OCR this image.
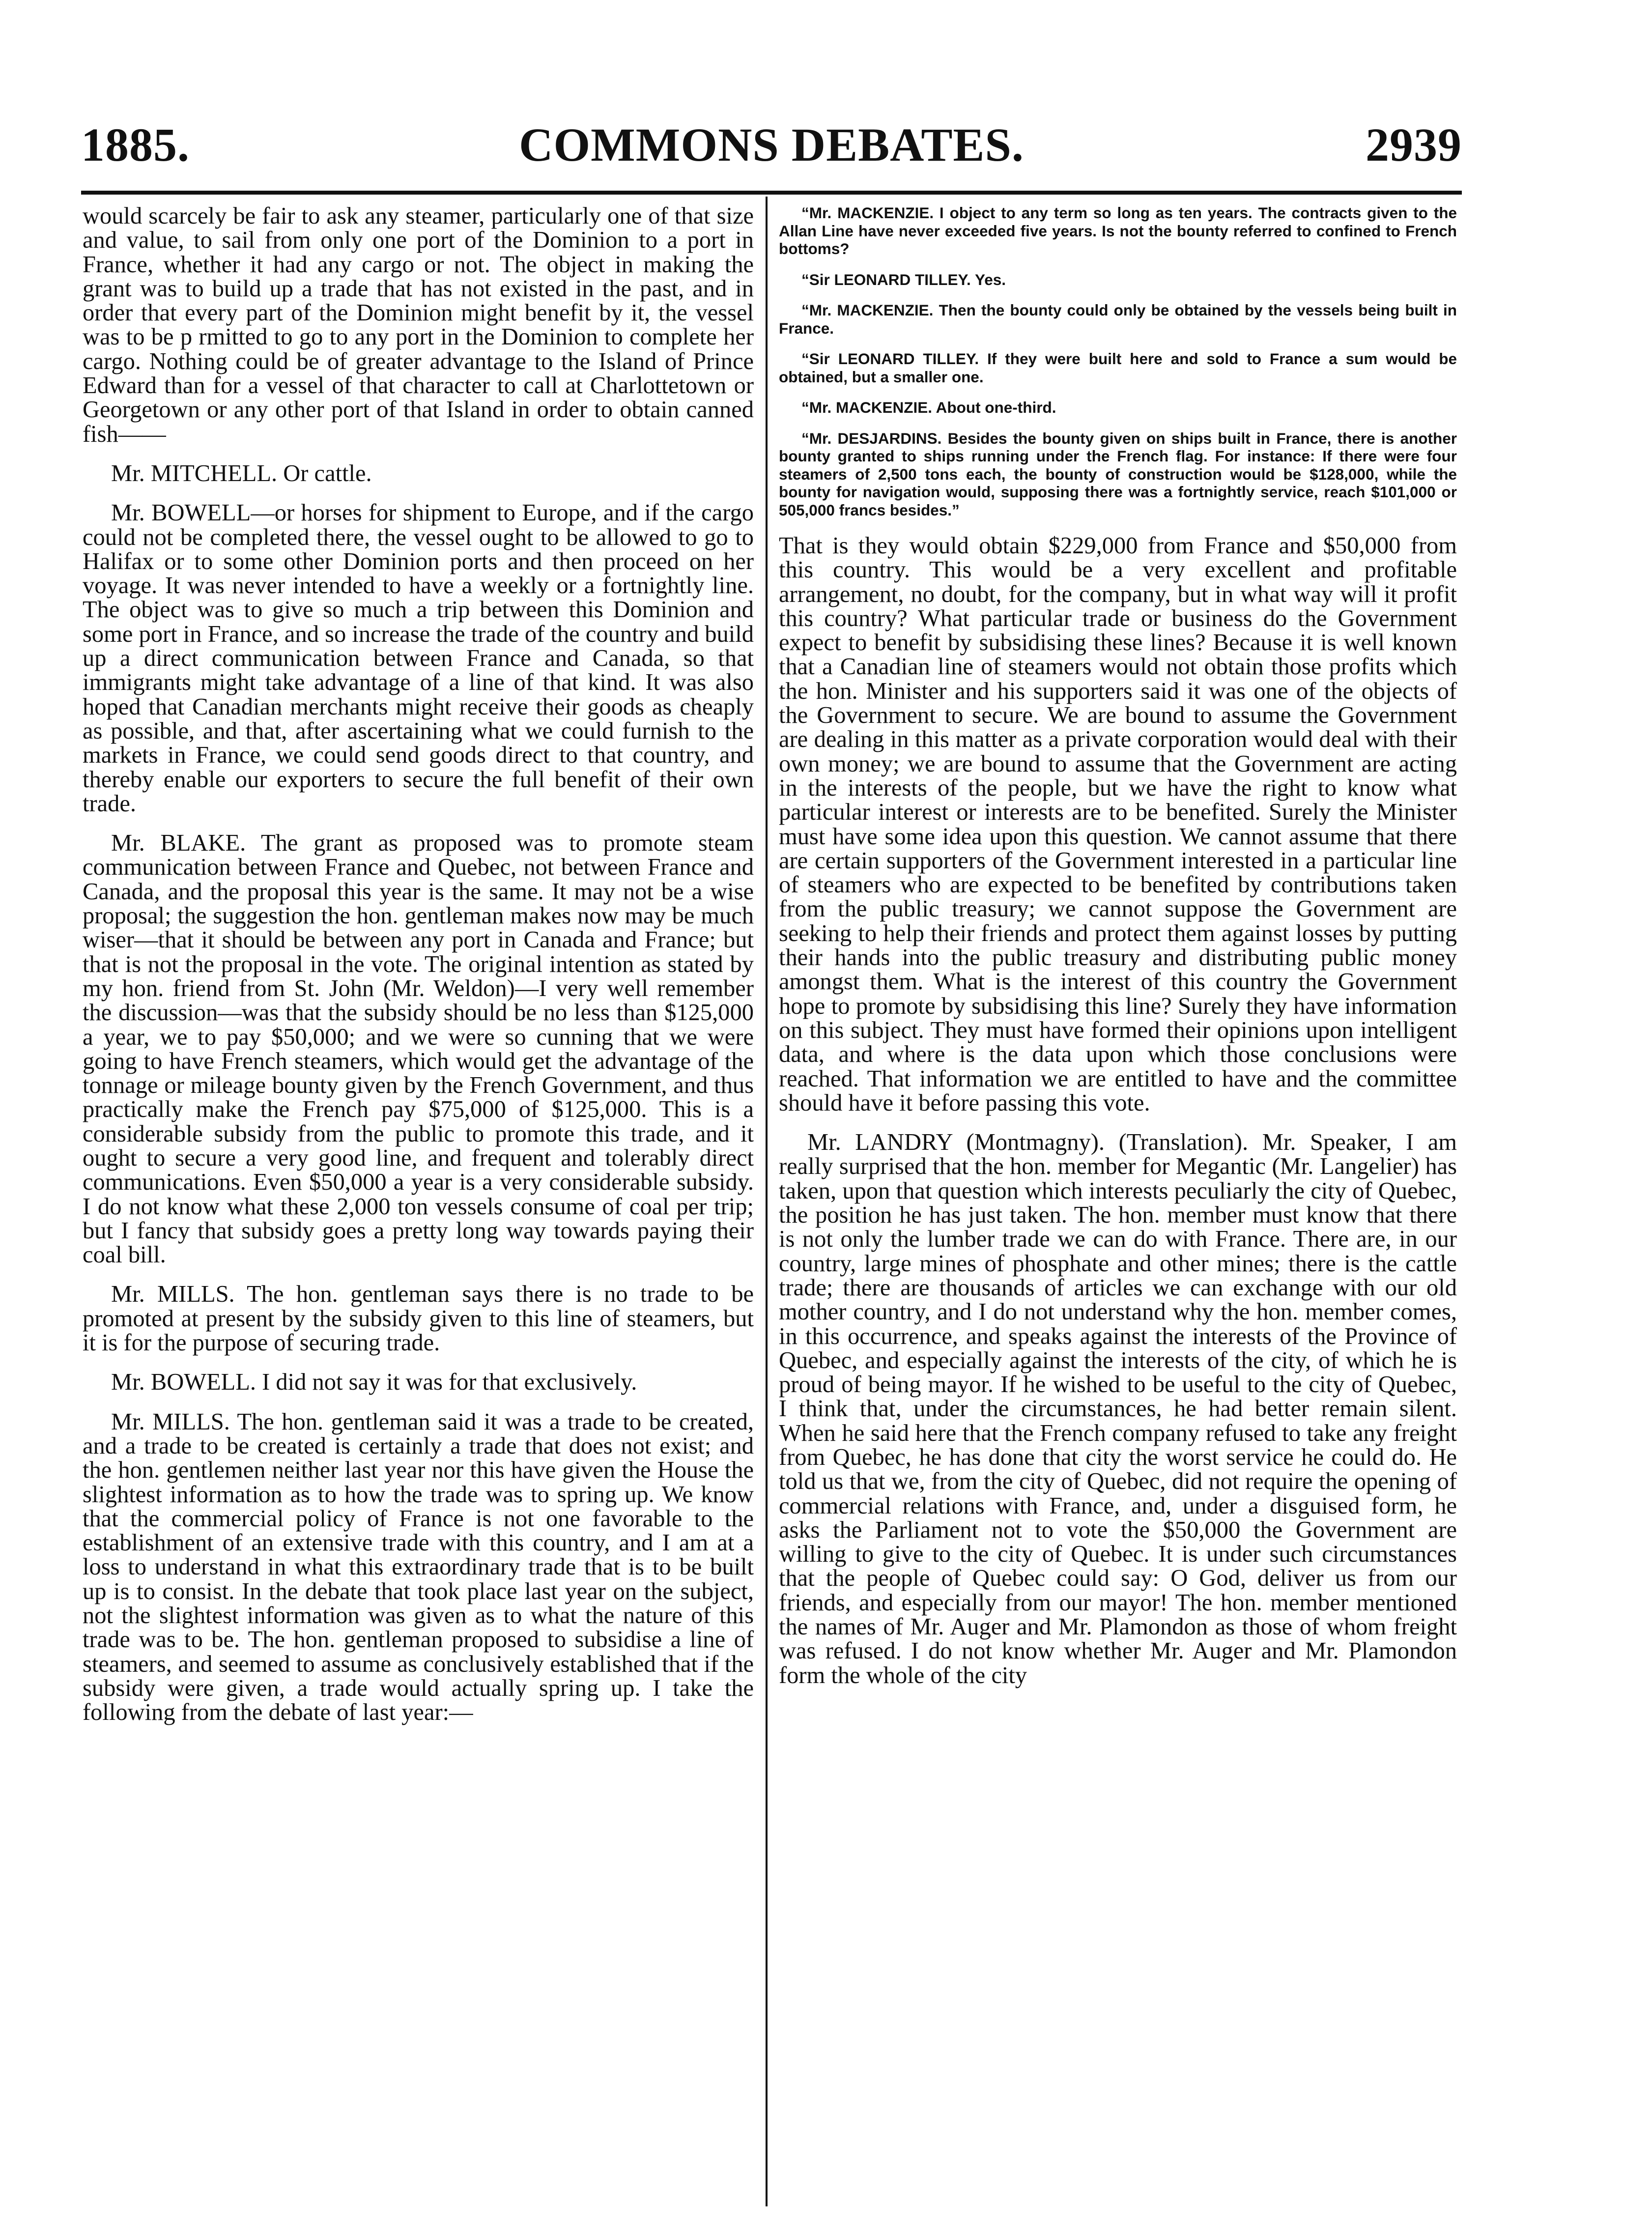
1885.	COMMONS DEBATES.	2939

would scarcely be fair to ask any steamer, particularly one of that size and value, to sail from only one port of the Dominion to a port in France, whether it had any cargo or not. The object in making the grant was to build up a trade that has not existed in the past, and in order that every part of the Dominion might benefit by it, the vessel was to be p rmitted to go to any port in the Dominion to complete her cargo. Nothing could be of greater advantage to the Island of Prince Edward than for a vessel of that character to call at Charlottetown or Georgetown or any other port of that Island in order to obtain canned fish——

Mr. MITCHELL. Or cattle.

Mr. BOWELL—or horses for shipment to Europe, and if the cargo could not be completed there, the vessel ought to be allowed to go to Halifax or to some other Dominion ports and then proceed on her voyage. It was never intended to have a weekly or a fortnightly line. The object was to give so much a trip between this Dominion and some port in France, and so increase the trade of the country and build up a direct communication between France and Canada, so that immigrants might take advantage of a line of that kind. It was also hoped that Canadian merchants might receive their goods as cheaply as possible, and that, after ascertaining what we could furnish to the markets in France, we could send goods direct to that country, and thereby enable our exporters to secure the full benefit of their own trade.

Mr. BLAKE. The grant as proposed was to promote steam communication between France and Quebec, not between France and Canada, and the proposal this year is the same. It may not be a wise proposal; the suggestion the hon. gentleman makes now may be much wiser—that it should be between any port in Canada and France; but that is not the proposal in the vote. The original intention as stated by my hon. friend from St. John (Mr. Weldon)—I very well remember the discussion—was that the subsidy should be no less than $125,000 a year, we to pay $50,000; and we were so cunning that we were going to have French steamers, which would get the advantage of the tonnage or mileage bounty given by the French Government, and thus practically make the French pay $75,000 of $125,000. This is a considerable subsidy from the public to promote this trade, and it ought to secure a very good line, and frequent and tolerably direct communications. Even $50,000 a year is a very considerable subsidy. I do not know what these 2,000 ton vessels consume of coal per trip; but I fancy that subsidy goes a pretty long way towards paying their coal bill.

Mr. MILLS. The hon. gentleman says there is no trade to be promoted at present by the subsidy given to this line of steamers, but it is for the purpose of securing trade.

Mr. BOWELL. I did not say it was for that exclusively.

Mr. MILLS. The hon. gentleman said it was a trade to be created, and a trade to be created is certainly a trade that does not exist; and the hon. gentlemen neither last year nor this have given the House the slightest information as to how the trade was to spring up. We know that the commercial policy of France is not one favorable to the establishment of an extensive trade with this country, and I am at a loss to understand in what this extraordinary trade that is to be built up is to consist. In the debate that took place last year on the subject, not the slightest information was given as to what the nature of this trade was to be. The hon. gentleman proposed to subsidise a line of steamers, and seemed to assume as conclusively established that if the subsidy were given, a trade would actually spring up. I take the following from the debate of last year:—

“Mr. MACKENZIE. I object to any term so long as ten years. The contracts given to the Allan Line have never exceeded five years. Is not the bounty referred to confined to French bottoms?

“Sir LEONARD TILLEY. Yes.

“Mr. MACKENZIE. Then the bounty could only be obtained by the vessels being built in France.

“Sir LEONARD TILLEY. If they were built here and sold to France a sum would be obtained, but a smaller one.

“Mr. MACKENZIE. About one-third.

“Mr. DESJARDINS. Besides the bounty given on ships built in France, there is another bounty granted to ships running under the French flag. For instance: If there were four steamers of 2,500 tons each, the bounty of construction would be $128,000, while the bounty for navigation would, supposing there was a fortnightly service, reach $101,000 or 505,000 francs besides.”

That is they would obtain $229,000 from France and $50,000 from this country. This would be a very excellent and profitable arrangement, no doubt, for the company, but in what way will it profit this country? What particular trade or business do the Government expect to benefit by subsidising these lines? Because it is well known that a Canadian line of steamers would not obtain those profits which the hon. Minister and his supporters said it was one of the objects of the Government to secure. We are bound to assume the Government are dealing in this matter as a private corporation would deal with their own money; we are bound to assume that the Government are acting in the interests of the people, but we have the right to know what particular interest or interests are to be benefited. Surely the Minister must have some idea upon this question. We cannot assume that there are certain supporters of the Government interested in a particular line of steamers who are expected to be benefited by contributions taken from the public treasury; we cannot suppose the Government are seeking to help their friends and protect them against losses by putting their hands into the public treasury and distributing public money amongst them. What is the interest of this country the Government hope to promote by subsidising this line? Surely they have information on this subject. They must have formed their opinions upon intelligent data, and where is the data upon which those conclusions were reached. That information we are entitled to have and the committee should have it before passing this vote.

Mr. LANDRY (Montmagny). (Translation). Mr. Speaker, I am really surprised that the hon. member for Megantic (Mr. Langelier) has taken, upon that question which interests peculiarly the city of Quebec, the position he has just taken. The hon. member must know that there is not only the lumber trade we can do with France. There are, in our country, large mines of phosphate and other mines; there is the cattle trade; there are thousands of articles we can exchange with our old mother country, and I do not understand why the hon. member comes, in this occurrence, and speaks against the interests of the Province of Quebec, and especially against the interests of the city, of which he is proud of being mayor. If he wished to be useful to the city of Quebec, I think that, under the circumstances, he had better remain silent. When he said here that the French company refused to take any freight from Quebec, he has done that city the worst service he could do. He told us that we, from the city of Quebec, did not require the opening of commercial relations with France, and, under a disguised form, he asks the Parliament not to vote the $50,000 the Government are willing to give to the city of Quebec. It is under such circumstances that the people of Quebec could say: O God, deliver us from our friends, and especially from our mayor! The hon. member mentioned the names of Mr. Auger and Mr. Plamondon as those of whom freight was refused. I do not know whether Mr. Auger and Mr. Plamondon form the whole of the city
